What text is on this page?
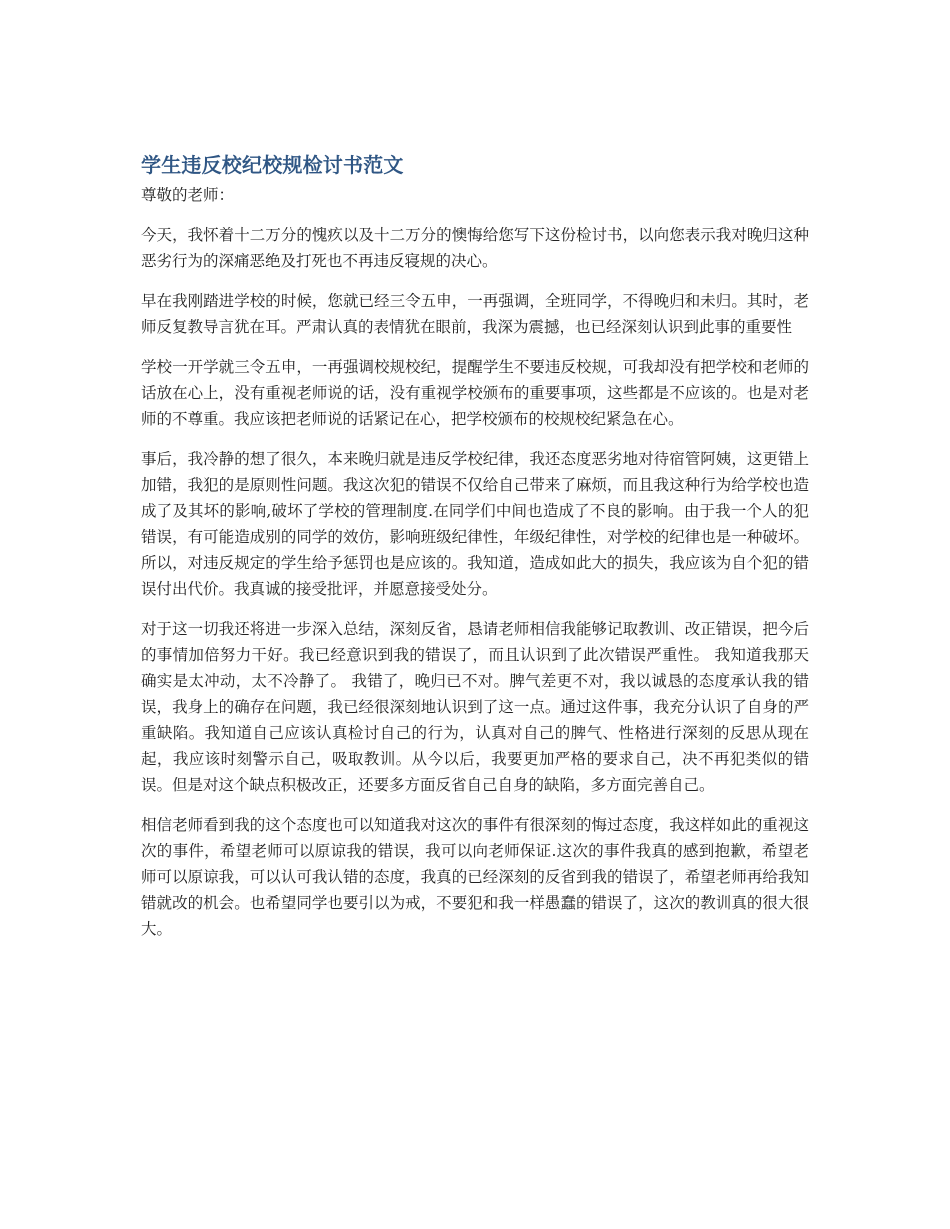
学生违反校纪校规检讨书范文

尊敬的老师：

今天，我怀着十二万分的愧疚以及十二万分的懊悔给您写下这份检讨书，以向您表示我对晚归这种恶劣行为的深痛恶绝及打死也不再违反寝规的决心。

早在我刚踏进学校的时候，您就已经三令五申，一再强调，全班同学，不得晚归和未归。其时，老师反复教导言犹在耳。严肃认真的表情犹在眼前，我深为震撼，也已经深刻认识到此事的重要性

学校一开学就三令五申，一再强调校规校纪，提醒学生不要违反校规，可我却没有把学校和老师的话放在心上，没有重视老师说的话，没有重视学校颁布的重要事项，这些都是不应该的。也是对老师的不尊重。我应该把老师说的话紧记在心，把学校颁布的校规校纪紧急在心。

事后，我冷静的想了很久，本来晚归就是违反学校纪律，我还态度恶劣地对待宿管阿姨，这更错上加错，我犯的是原则性问题。我这次犯的错误不仅给自己带来了麻烦，而且我这种行为给学校也造成了及其坏的影响,破坏了学校的管理制度.在同学们中间也造成了不良的影响。由于我一个人的犯错误，有可能造成别的同学的效仿，影响班级纪律性，年级纪律性，对学校的纪律也是一种破坏。所以，对违反规定的学生给予惩罚也是应该的。我知道，造成如此大的损失，我应该为自个犯的错误付出代价。我真诚的接受批评，并愿意接受处分。

对于这一切我还将进一步深入总结，深刻反省，恳请老师相信我能够记取教训、改正错误，把今后的事情加倍努力干好。我已经意识到我的错误了，而且认识到了此次错误严重性。 我知道我那天确实是太冲动，太不冷静了。 我错了，晚归已不对。脾气差更不对，我以诚恳的态度承认我的错误，我身上的确存在问题，我已经很深刻地认识到了这一点。通过这件事，我充分认识了自身的严重缺陷。我知道自己应该认真检讨自己的行为，认真对自己的脾气、性格进行深刻的反思从现在起，我应该时刻警示自己，吸取教训。从今以后，我要更加严格的要求自己，决不再犯类似的错误。但是对这个缺点积极改正，还要多方面反省自己自身的缺陷，多方面完善自己。

相信老师看到我的这个态度也可以知道我对这次的事件有很深刻的悔过态度，我这样如此的重视这次的事件，希望老师可以原谅我的错误，我可以向老师保证.这次的事件我真的感到抱歉，希望老师可以原谅我，可以认可我认错的态度，我真的已经深刻的反省到我的错误了，希望老师再给我知错就改的机会。也希望同学也要引以为戒，不要犯和我一样愚蠢的错误了，这次的教训真的很大很大。
